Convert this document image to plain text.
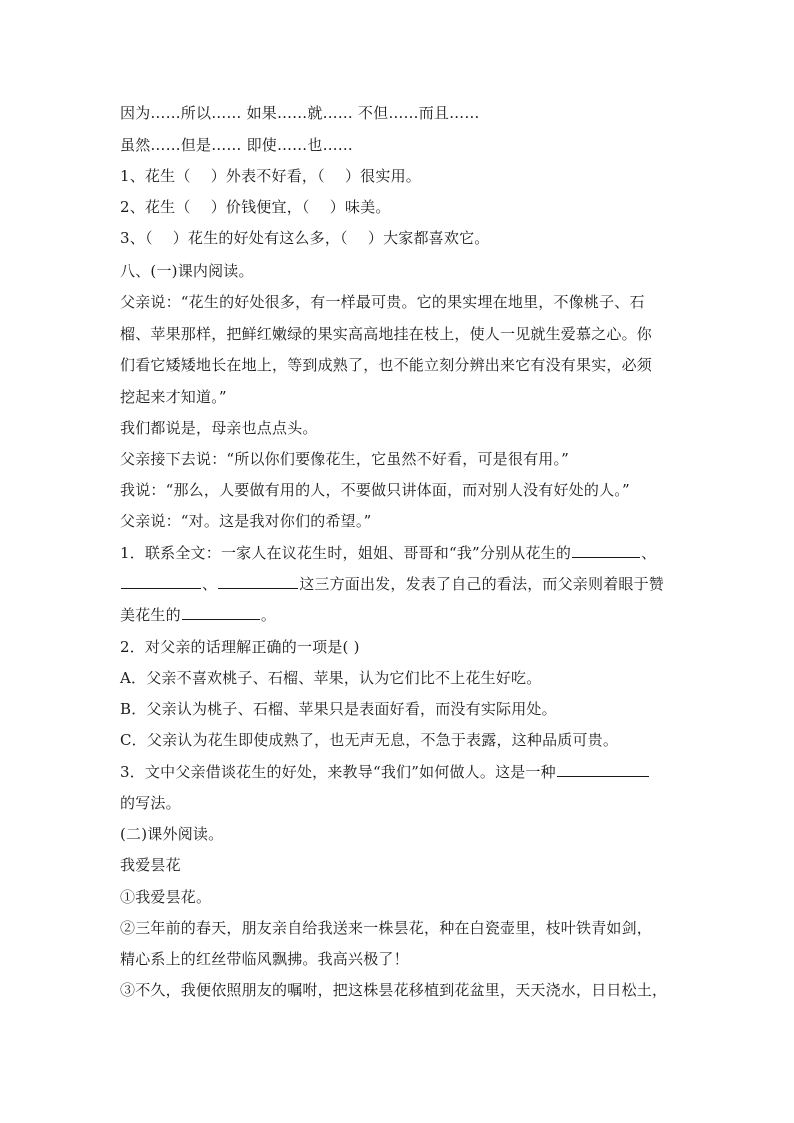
因为……所以…… 如果……就…… 不但……而且……
虽然……但是…… 即使……也……
1、花生（　 ）外表不好看，（　 ）很实用。
2、花生（　 ）价钱便宜，（　 ）味美。
3、（　 ）花生的好处有这么多，（　 ）大家都喜欢它。
八、(一)课内阅读。
父亲说：“花生的好处很多，有一样最可贵。它的果实埋在地里，不像桃子、石
榴、苹果那样，把鲜红嫩绿的果实高高地挂在枝上，使人一见就生爱慕之心。你
们看它矮矮地长在地上，等到成熟了，也不能立刻分辨出来它有没有果实，必须
挖起来才知道。”
我们都说是，母亲也点点头。
父亲接下去说：“所以你们要像花生，它虽然不好看，可是很有用。”
我说：“那么，人要做有用的人，不要做只讲体面，而对别人没有好处的人。”
父亲说：“对。这是我对你们的希望。”
1．联系全文：一家人在议花生时，姐姐、哥哥和“我”分别从花生的	、
、	这三方面出发，发表了自己的看法，而父亲则着眼于赞
美花生的	。
2．对父亲的话理解正确的一项是( )
A．父亲不喜欢桃子、石榴、苹果，认为它们比不上花生好吃。
B．父亲认为桃子、石榴、苹果只是表面好看，而没有实际用处。
C．父亲认为花生即使成熟了，也无声无息，不急于表露，这种品质可贵。
3．文中父亲借谈花生的好处，来教导“我们”如何做人。这是一种
的写法。
(二)课外阅读。
我爱昙花
①我爱昙花。
②三年前的春天，朋友亲自给我送来一株昙花，种在白瓷壶里，枝叶铁青如剑，
精心系上的红丝带临风飘拂。我高兴极了！
③不久，我便依照朋友的嘱咐，把这株昙花移植到花盆里，天天浇水，日日松土，
